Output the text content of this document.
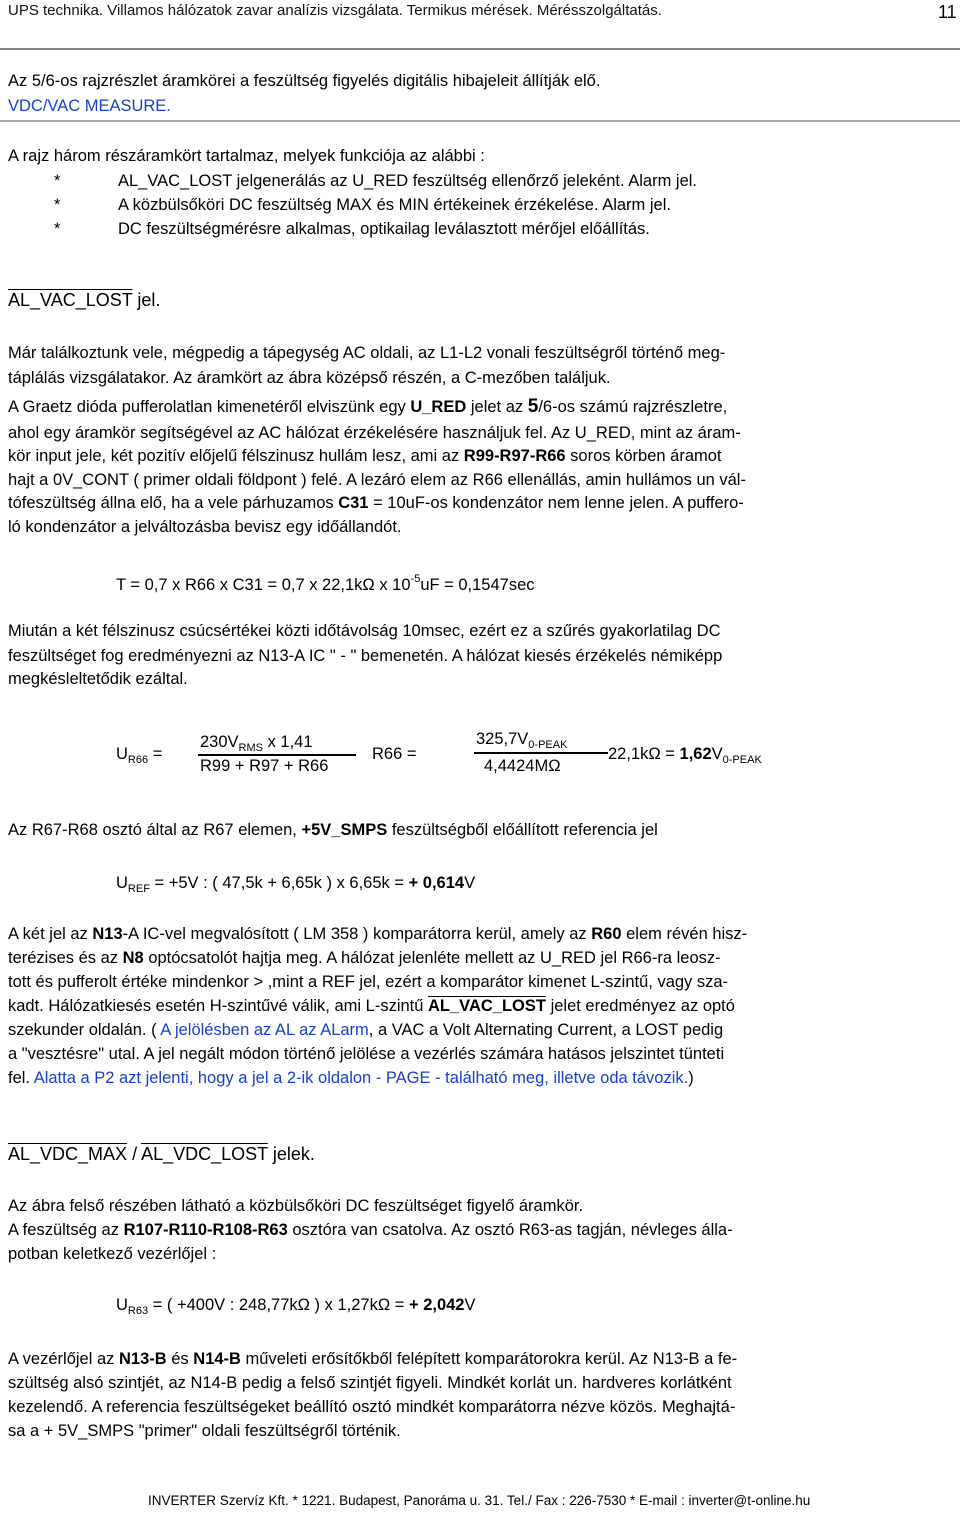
UPS technika. Villamos hálózatok zavar analízis vizsgálata. Termikus mérések. Mérésszolgáltatás.	11
Az 5/6-os rajzrészlet áramkörei a feszültség figyelés digitális hibajeleit állítják elő.
VDC/VAC MEASURE.
A rajz három részáramkört tartalmaz, melyek funkciója az alábbi :
*	AL_VAC_LOST jelgenerálás az U_RED feszültség ellenőrző jeleként. Alarm jel.
*	A közbülsőköri DC feszültség MAX és MIN értékeinek érzékelése. Alarm jel.
*	DC feszültségmérésre alkalmas, optikailag leválasztott mérőjel előállítás.
AL_VAC_LOST jel.
Már találkoztunk vele, mégpedig a tápegység AC oldali, az L1-L2 vonali feszültségről történő meg-
táplálás vizsgálatakor. Az áramkört az ábra középső részén, a C-mezőben találjuk.
A Graetz dióda pufferolatlan kimenetéről elviszünk egy U_RED jelet az 5/6-os számú rajzrészletre,
ahol egy áramkör segítségével az AC hálózat érzékelésére használjuk fel. Az U_RED, mint az áram-
kör input jele, két pozitív előjelű félszinusz hullám lesz, ami az R99-R97-R66 soros körben áramot
hajt a 0V_CONT ( primer oldali földpont ) felé. A lezáró elem az R66 ellenállás, amin hullámos un vál-
tófeszültség állna elő, ha a vele párhuzamos C31 = 10uF-os kondenzátor nem lenne jelen. A puffero-
ló kondenzátor a jelváltozásba bevisz egy időállandót.
T = 0,7 x R66 x C31 = 0,7 x 22,1kΩ x $10^{-5}uF = 0,1547\sec$
Miután a két félszinusz csúcsértékei közti időtávolság 10msec, ezért ez a szűrés gyakorlatilag DC
feszültséget fog eredményezni az N13-A IC " - " bemenetén. A hálózat kiesés érzékelés némiképp
megkésleltetődik ezáltal.
$U_{R66}$ =
$230V_{RMS}$ x 1,41
R99 + R97 + R66
R66 =
$325,7V_{0-PEAK}$
4,4424MΩ
$22,1k\Omega = 1,62V_{0-PEAK}$
Az R67-R68 osztó által az R67 elemen, +5V_SMPS feszültségből előállított referencia jel
$U_{REF} = +5V$ : ( 47,5k + 6,65k ) x 6,65k = + 0,614V
A két jel az N13-A IC-vel megvalósított ( LM 358 ) komparátorra kerül, amely az R60 elem révén hisz-
terézises és az N8 optócsatolót hajtja meg. A hálózat jelenléte mellett az U_RED jel R66-ra leosz-
tott és pufferolt értéke mindenkor > ,mint a REF jel, ezért a komparátor kimenet L-szintű, vagy sza-
kadt. Hálózatkiesés esetén H-szintűvé válik, ami L-szintű AL_VAC_LOST jelet eredményez az optó
szekunder oldalán. ( A jelölésben az AL az ALarm, a VAC a Volt Alternating Current, a LOST pedig
a "vesztésre" utal. A jel negált módon történő jelölése a vezérlés számára hatásos jelszintet tünteti
fel. Alatta a P2 azt jelenti, hogy a jel a 2-ik oldalon - PAGE - található meg, illetve oda távozik.)
AL_VDC_MAX / AL_VDC_LOST jelek.
Az ábra felső részében látható a közbülsőköri DC feszültséget figyelő áramkör.
A feszültség az R107-R110-R108-R63 osztóra van csatolva. Az osztó R63-as tagján, névleges álla-
potban keletkező vezérlőjel :
$U_{R63}$ = ( +400V : 248,77kΩ ) x 1,27kΩ = + 2,042V
A vezérlőjel az N13-B és N14-B műveleti erősítőkből felépített komparátorokra kerül. Az N13-B a fe-
szültség alsó szintjét, az N14-B pedig a felső szintjét figyeli. Mindkét korlát un. hardveres korlátként
kezelendő. A referencia feszültségeket beállító osztó mindkét komparátorra nézve közös. Meghajtá-
sa a + 5V_SMPS "primer" oldali feszültségről történik.
INVERTER Szervíz Kft. * 1221. Budapest, Panoráma u. 31. Tel./ Fax : 226-7530 * E-mail : inverter@t-online.hu
